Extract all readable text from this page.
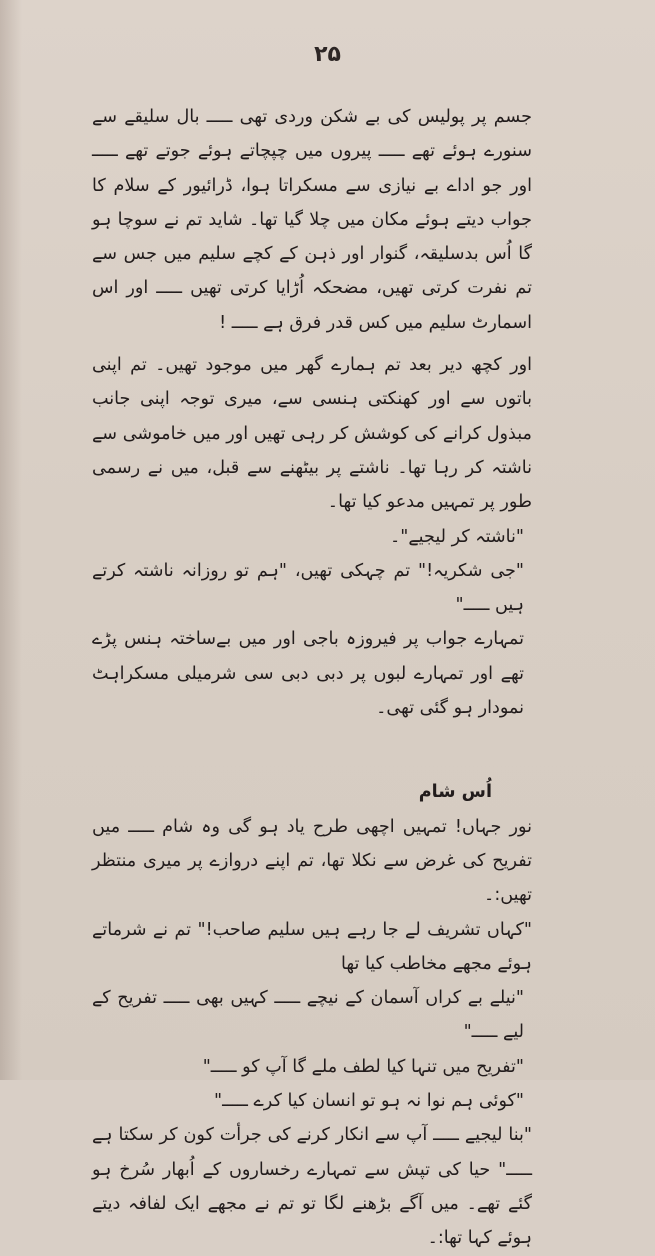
۲۵

جسم پر پولیس کی بے شکن وردی تھی ـــــ بال سلیقے سے سنورے ہوئے تھے ـــــ پیروں میں چپچاتے ہوئے جوتے تھے ـــــ اور جو اداے بے نیازی سے مسکراتا ہوا، ڈرائیور کے سلام کا جواب دیتے ہوئے مکان میں چلا گیا تھا۔ شاید تم نے سوچا ہو گا اُس بدسلیقہ، گنوار اور ذہن کے کچے سلیم میں جس سے تم نفرت کرتی تھیں، مضحکہ اُڑایا کرتی تھیں ـــــ اور اس اسمارٹ سلیم میں کس قدر فرق ہے ـــــ !

اور کچھ دیر بعد تم ہمارے گھر میں موجود تھیں۔ تم اپنی باتوں سے اور کھنکتی ہنسی سے، میری توجہ اپنی جانب مبذول کرانے کی کوشش کر رہی تھیں اور میں خاموشی سے ناشتہ کر رہا تھا۔ ناشتے پر بیٹھنے سے قبل، میں نے رسمی طور پر تمہیں مدعو کیا تھا۔

"ناشتہ کر لیجیے"۔

"جی شکریہ!" تم چہکی تھیں، "ہم تو روزانہ ناشتہ کرتے ہیں ـــــ"

تمہارے جواب پر فیروزہ باجی اور میں بےساختہ ہنس پڑے تھے اور تمہارے لبوں پر دبی دبی سی شرمیلی مسکراہٹ نمودار ہو گئی تھی۔

اُس شام

نور جہاں! تمہیں اچھی طرح یاد ہو گی وہ شام ـــــ میں تفریح کی غرض سے نکلا تھا، تم اپنے دروازے پر میری منتظر تھیں:۔

"کہاں تشریف لے جا رہے ہیں سلیم صاحب!" تم نے شرماتے ہوئے مجھے مخاطب کیا تھا

"نیلے بے کراں آسمان کے نیچے ـــــ کہیں بھی ـــــ تفریح کے لیے ـــــ"

"تفریح میں تنہا کیا لطف ملے گا آپ کو ـــــ"

"کوئی ہم نوا نہ ہو تو انسان کیا کرے ـــــ"

"بنا لیجیے ـــــ آپ سے انکار کرنے کی جرأت کون کر سکتا ہے ـــــ" حیا کی تپش سے تمہارے رخساروں کے اُبھار سُرخ ہو گئے تھے۔ میں آگے بڑھنے لگا تو تم نے مجھے ایک لفافہ دیتے ہوئے کہا تھا:۔
